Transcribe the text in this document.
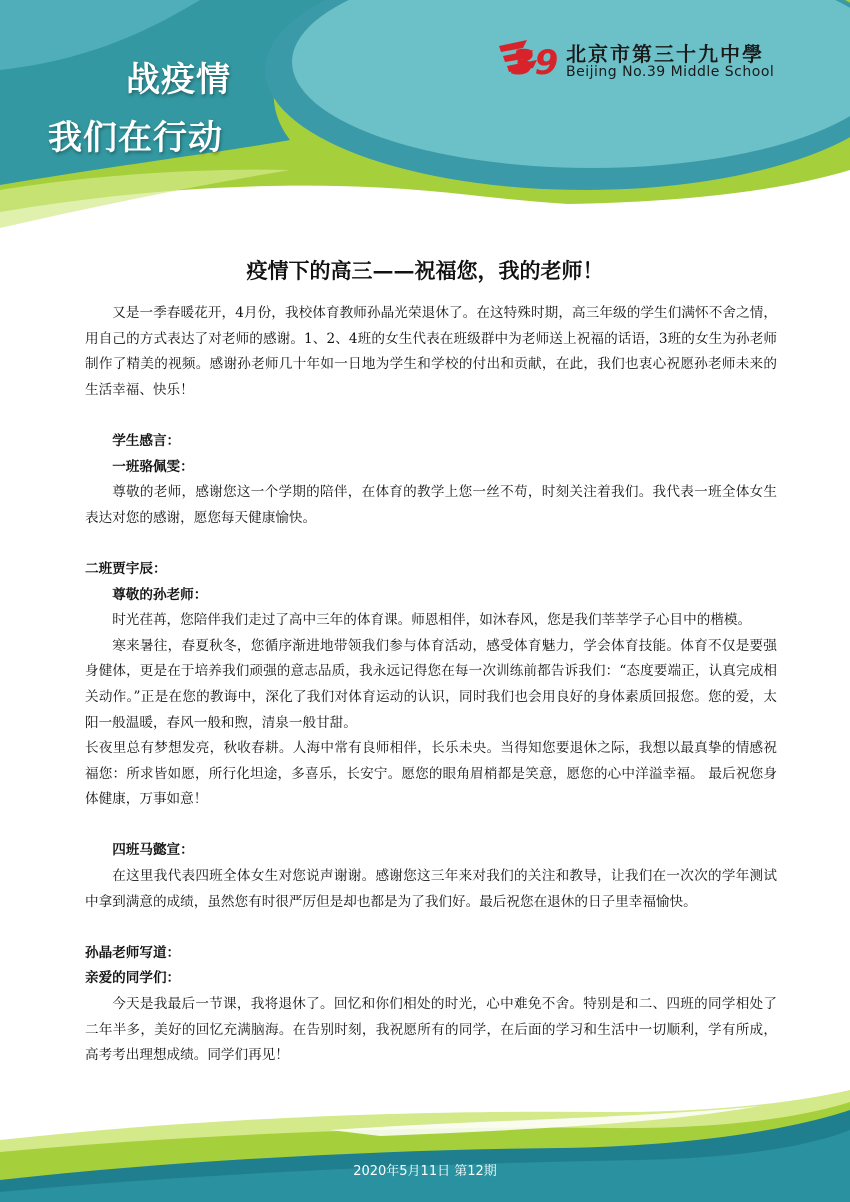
战疫情
我们在行动
39 北京市第三十九中學
Beijing No.39 Middle School
疫情下的高三——祝福您，我的老师！

又是一季春暖花开，4月份，我校体育教师孙晶光荣退休了。在这特殊时期，高三年级的学生们满怀不舍之情，用自己的方式表达了对老师的感谢。1、2、4班的女生代表在班级群中为老师送上祝福的话语，3班的女生为孙老师制作了精美的视频。感谢孙老师几十年如一日地为学生和学校的付出和贡献，在此，我们也衷心祝愿孙老师未来的生活幸福、快乐！

学生感言：

一班骆佩雯：

尊敬的老师，感谢您这一个学期的陪伴，在体育的教学上您一丝不苟，时刻关注着我们。我代表一班全体女生表达对您的感谢，愿您每天健康愉快。

二班贾宇辰：

尊敬的孙老师：

时光荏苒，您陪伴我们走过了高中三年的体育课。师恩相伴，如沐春风，您是我们莘莘学子心目中的楷模。

寒来暑往，春夏秋冬，您循序渐进地带领我们参与体育活动，感受体育魅力，学会体育技能。体育不仅是要强身健体，更是在于培养我们顽强的意志品质，我永远记得您在每一次训练前都告诉我们：“态度要端正，认真完成相关动作。”正是在您的教诲中，深化了我们对体育运动的认识，同时我们也会用良好的身体素质回报您。您的爱，太阳一般温暖，春风一般和煦，清泉一般甘甜。

长夜里总有梦想发亮，秋收春耕。人海中常有良师相伴，长乐未央。当得知您要退休之际，我想以最真挚的情感祝福您：所求皆如愿，所行化坦途，多喜乐，长安宁。愿您的眼角眉梢都是笑意，愿您的心中洋溢幸福。 最后祝您身体健康，万事如意！

四班马懿宣：

在这里我代表四班全体女生对您说声谢谢。感谢您这三年来对我们的关注和教导，让我们在一次次的学年测试中拿到满意的成绩，虽然您有时很严厉但是却也都是为了我们好。最后祝您在退休的日子里幸福愉快。

孙晶老师写道：

亲爱的同学们：

今天是我最后一节课，我将退休了。回忆和你们相处的时光，心中难免不舍。特别是和二、四班的同学相处了二年半多，美好的回忆充满脑海。在告别时刻，我祝愿所有的同学，在后面的学习和生活中一切顺利，学有所成，高考考出理想成绩。同学们再见！

2020年5月11日 第12期
